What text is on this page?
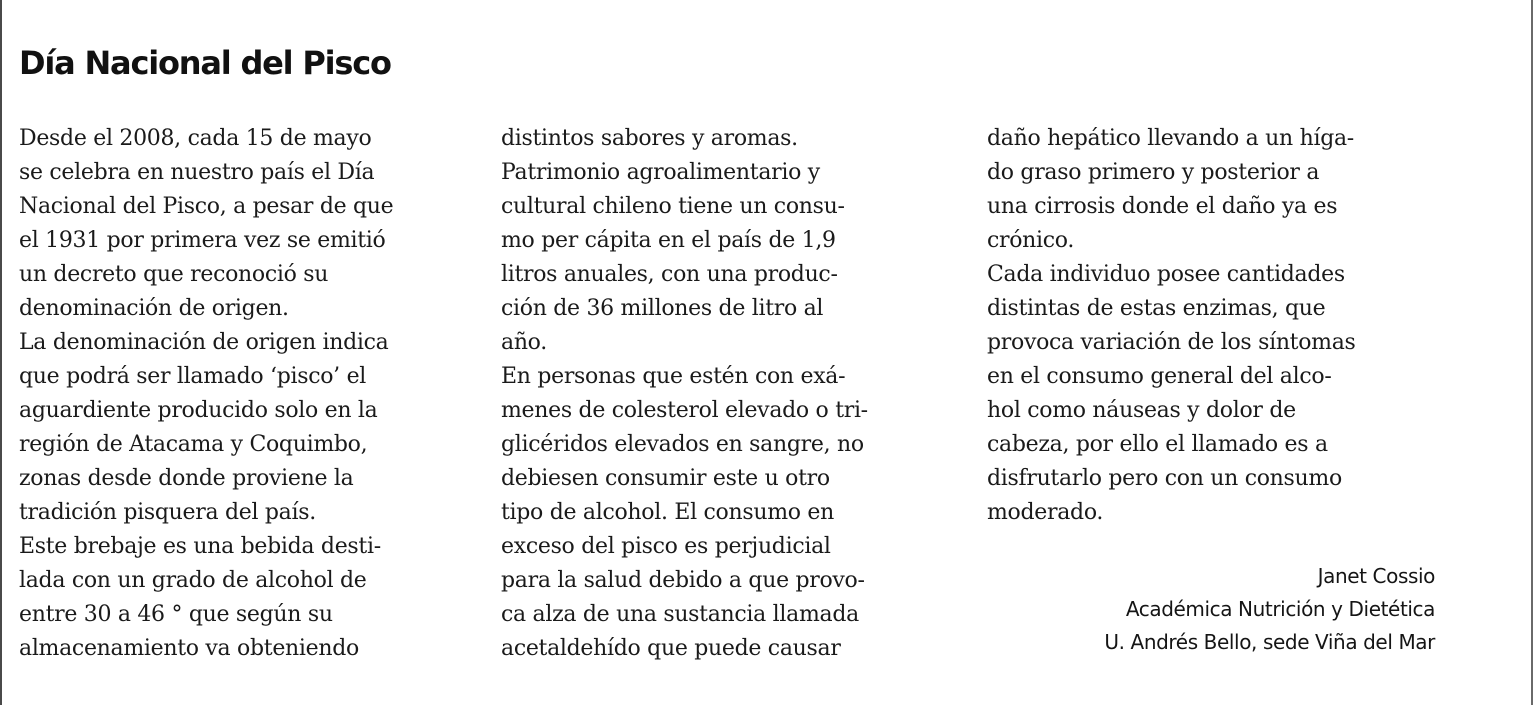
Día Nacional del Pisco
Desde el 2008, cada 15 de mayo
se celebra en nuestro país el Día
Nacional del Pisco, a pesar de que
el 1931 por primera vez se emitió
un decreto que reconoció su
denominación de origen.
La denominación de origen indica
que podrá ser llamado ‘pisco’ el
aguardiente producido solo en la
región de Atacama y Coquimbo,
zonas desde donde proviene la
tradición pisquera del país.
Este brebaje es una bebida desti-
lada con un grado de alcohol de
entre 30 a 46 ° que según su
almacenamiento va obteniendo
distintos sabores y aromas.
Patrimonio agroalimentario y
cultural chileno tiene un consu-
mo per cápita en el país de 1,9
litros anuales, con una produc-
ción de 36 millones de litro al
año.
En personas que estén con exá-
menes de colesterol elevado o tri-
glicéridos elevados en sangre, no
debiesen consumir este u otro
tipo de alcohol. El consumo en
exceso del pisco es perjudicial
para la salud debido a que provo-
ca alza de una sustancia llamada
acetaldehído que puede causar
daño hepático llevando a un híga-
do graso primero y posterior a
una cirrosis donde el daño ya es
crónico.
Cada individuo posee cantidades
distintas de estas enzimas, que
provoca variación de los síntomas
en el consumo general del alco-
hol como náuseas y dolor de
cabeza, por ello el llamado es a
disfrutarlo pero con un consumo
moderado.
Janet Cossio
Académica Nutrición y Dietética
U. Andrés Bello, sede Viña del Mar
